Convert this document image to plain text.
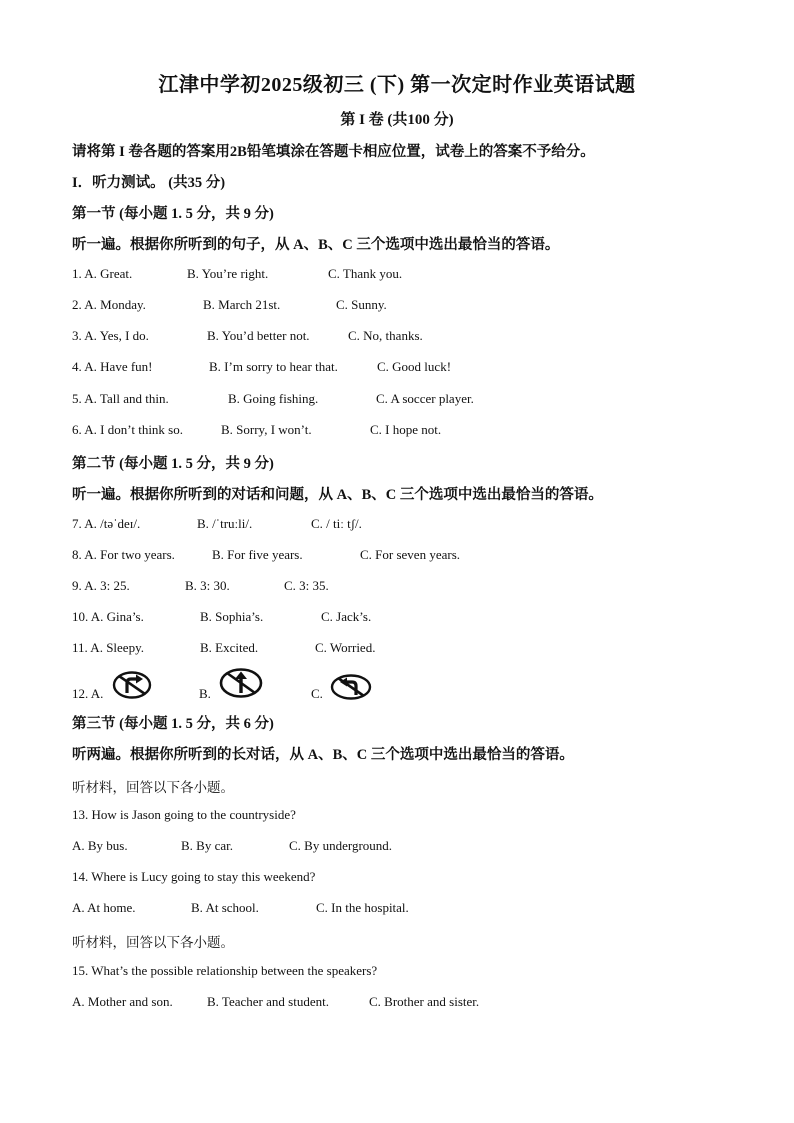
江津中学初2025级初三 (下) 第一次定时作业英语试题
第 I 卷 (共100 分)
请将第 I 卷各题的答案用2B铅笔填涂在答题卡相应位置，试卷上的答案不予给分。
I．听力测试。 (共35 分)
第一节 (每小题 1. 5 分，共 9 分)
听一遍。根据你所听到的句子，从 A、B、C 三个选项中选出最恰当的答语。
1. A. Great.	B. You’re right.	C. Thank you.
2. A. Monday.	B. March 21st.	C. Sunny.
3. A. Yes, I do.	B. You’d better not.	C. No, thanks.
4. A. Have fun!	B. I’m sorry to hear that.	C. Good luck!
5. A. Tall and thin.	B. Going fishing.	C. A soccer player.
6. A. I don’t think so.	B. Sorry, I won’t.	C. I hope not.
第二节 (每小题 1. 5 分，共 9 分)
听一遍。根据你所听到的对话和问题，从 A、B、C 三个选项中选出最恰当的答语。
7. A. /təˈdeɪ/.	B. /ˈtruːli/.	C. / tiː tʃ/.
8. A. For two years.	B. For five years.	C. For seven years.
9. A. 3: 25.	B. 3: 30.	C. 3: 35.
10. A. Gina’s.	B. Sophia’s.	C. Jack’s.
11. A. Sleepy.	B. Excited.	C. Worried.
12. A.	B.	C.
第三节 (每小题 1. 5 分，共 6 分)
听两遍。根据你所听到的长对话，从 A、B、C 三个选项中选出最恰当的答语。
听材料，回答以下各小题。
13. How is Jason going to the countryside?
A. By bus.	B. By car.	C. By underground.
14. Where is Lucy going to stay this weekend?
A. At home.	B. At school.	C. In the hospital.
听材料，回答以下各小题。
15. What’s the possible relationship between the speakers?
A. Mother and son.	B. Teacher and student.	C. Brother and sister.
